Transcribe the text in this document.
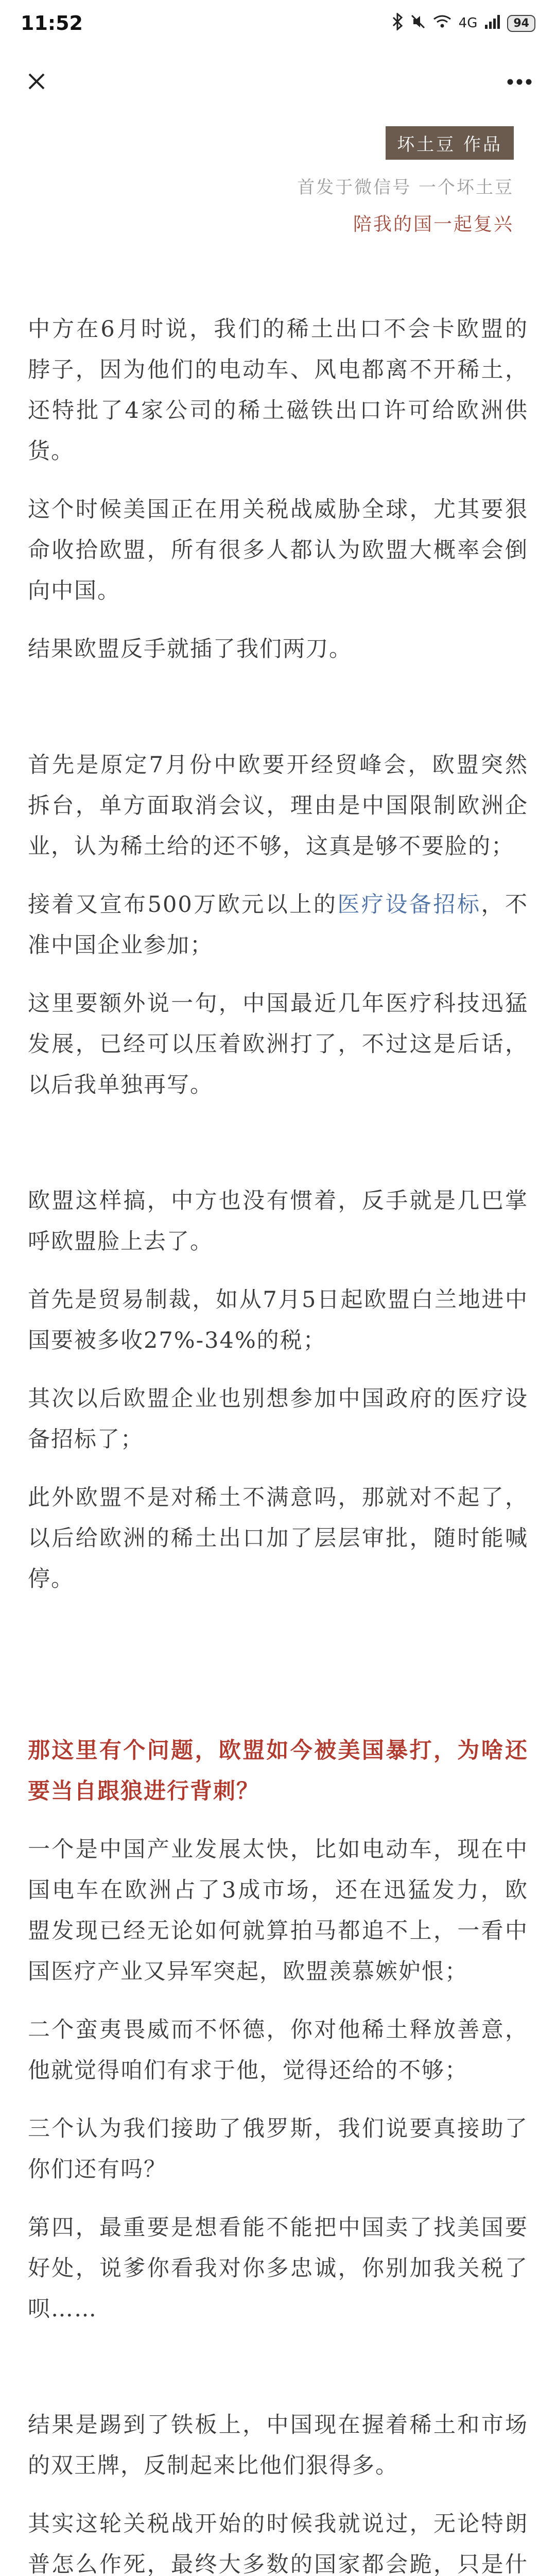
11:52	4G	94
坏土豆 作品
首发于微信号 一个坏土豆
陪我的国一起复兴

中方在6月时说，我们的稀土出口不会卡欧盟的脖子，因为他们的电动车、风电都离不开稀土，还特批了4家公司的稀土磁铁出口许可给欧洲供货。

这个时候美国正在用关税战威胁全球，尤其要狠命收拾欧盟，所有很多人都认为欧盟大概率会倒向中国。

结果欧盟反手就插了我们两刀。

首先是原定7月份中欧要开经贸峰会，欧盟突然拆台，单方面取消会议，理由是中国限制欧洲企业，认为稀土给的还不够，这真是够不要脸的；

接着又宣布500万欧元以上的医疗设备招标，不准中国企业参加；

这里要额外说一句，中国最近几年医疗科技迅猛发展，已经可以压着欧洲打了，不过这是后话，以后我单独再写。

欧盟这样搞，中方也没有惯着，反手就是几巴掌呼欧盟脸上去了。

首先是贸易制裁，如从7月5日起欧盟白兰地进中国要被多收27%-34%的税；

其次以后欧盟企业也别想参加中国政府的医疗设备招标了；

此外欧盟不是对稀土不满意吗，那就对不起了，以后给欧洲的稀土出口加了层层审批，随时能喊停。

那这里有个问题，欧盟如今被美国暴打，为啥还要当自跟狼进行背刺？

一个是中国产业发展太快，比如电动车，现在中国电车在欧洲占了3成市场，还在迅猛发力，欧盟发现已经无论如何就算拍马都追不上，一看中国医疗产业又异军突起，欧盟羡慕嫉妒恨；

二个蛮夷畏威而不怀德，你对他稀土释放善意，他就觉得咱们有求于他，觉得还给的不够；

三个认为我们接助了俄罗斯，我们说要真接助了你们还有吗？

第四，最重要是想看能不能把中国卖了找美国要好处，说爹你看我对你多忠诚，你别加我关税了呗……

结果是踢到了铁板上，中国现在握着稀土和市场的双王牌，反制起来比他们狠得多。

其实这轮关税战开始的时候我就说过，无论特朗普怎么作死，最终大多数的国家都会跪，只是什
